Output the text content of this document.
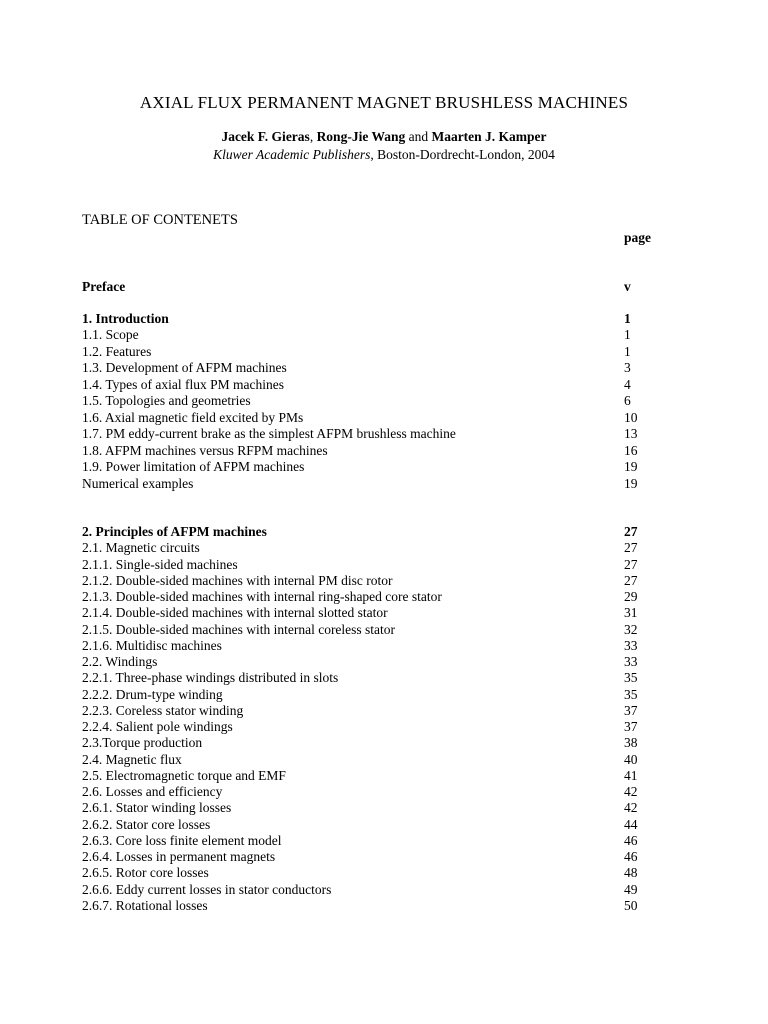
AXIAL FLUX PERMANENT MAGNET BRUSHLESS MACHINES
Jacek F. Gieras, Rong-Jie Wang and Maarten J. Kamper
Kluwer Academic Publishers, Boston-Dordrecht-London, 2004
TABLE OF CONTENETS
page
Preface	v
1. Introduction	1
1.1. Scope	1
1.2. Features	1
1.3. Development of AFPM machines	3
1.4. Types of axial flux PM machines	4
1.5. Topologies and geometries	6
1.6. Axial magnetic field excited by PMs	10
1.7. PM eddy-current brake as the simplest AFPM brushless machine	13
1.8. AFPM machines versus RFPM machines	16
1.9. Power limitation of AFPM machines	19
Numerical examples	19
2. Principles of AFPM machines	27
2.1. Magnetic circuits	27
2.1.1. Single-sided machines	27
2.1.2. Double-sided machines with internal PM disc rotor	27
2.1.3. Double-sided machines with internal ring-shaped core stator	29
2.1.4. Double-sided machines with internal slotted stator	31
2.1.5. Double-sided machines with internal coreless stator	32
2.1.6. Multidisc machines	33
2.2. Windings	33
2.2.1. Three-phase windings distributed in slots	35
2.2.2. Drum-type winding	35
2.2.3. Coreless stator winding	37
2.2.4. Salient pole windings	37
2.3.Torque production	38
2.4. Magnetic flux	40
2.5. Electromagnetic torque and EMF	41
2.6. Losses and efficiency	42
2.6.1. Stator winding losses	42
2.6.2. Stator core losses	44
2.6.3. Core loss finite element model	46
2.6.4. Losses in permanent magnets	46
2.6.5. Rotor core losses	48
2.6.6. Eddy current losses in stator conductors	49
2.6.7. Rotational losses	50
